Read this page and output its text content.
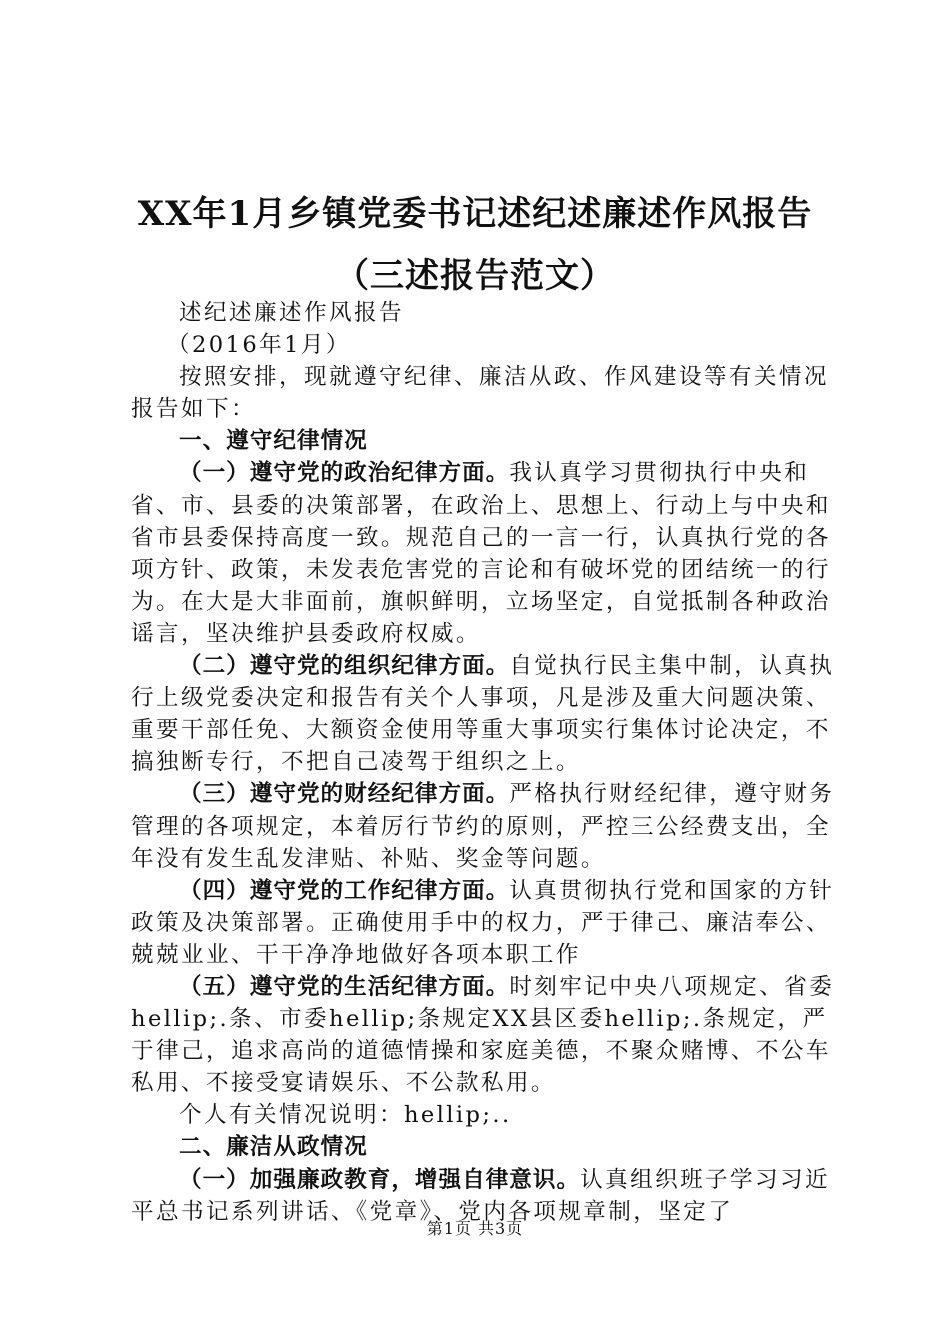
XX年1月乡镇党委书记述纪述廉述作风报告
（三述报告范文）

述纪述廉述作风报告

（2016年1月）

按照安排，现就遵守纪律、廉洁从政、作风建设等有关情况报告如下：

一、遵守纪律情况

（一）遵守党的政治纪律方面。我认真学习贯彻执行中央和省、市、县委的决策部署，在政治上、思想上、行动上与中央和省市县委保持高度一致。规范自己的一言一行，认真执行党的各项方针、政策，未发表危害党的言论和有破坏党的团结统一的行为。在大是大非面前，旗帜鲜明，立场坚定，自觉抵制各种政治谣言，坚决维护县委政府权威。

（二）遵守党的组织纪律方面。自觉执行民主集中制，认真执行上级党委决定和报告有关个人事项，凡是涉及重大问题决策、重要干部任免、大额资金使用等重大事项实行集体讨论决定，不搞独断专行，不把自己凌驾于组织之上。

（三）遵守党的财经纪律方面。严格执行财经纪律，遵守财务管理的各项规定，本着厉行节约的原则，严控三公经费支出，全年没有发生乱发津贴、补贴、奖金等问题。

（四）遵守党的工作纪律方面。认真贯彻执行党和国家的方针政策及决策部署。正确使用手中的权力，严于律己、廉洁奉公、兢兢业业、干干净净地做好各项本职工作

（五）遵守党的生活纪律方面。时刻牢记中央八项规定、省委hellip;.条、市委hellip;条规定XX县区委hellip;.条规定，严于律己，追求高尚的道德情操和家庭美德，不聚众赌博、不公车私用、不接受宴请娱乐、不公款私用。

个人有关情况说明：hellip;..

二、廉洁从政情况

（一）加强廉政教育，增强自律意识。认真组织班子学习习近平总书记系列讲话、《党章》、党内各项规章制，坚定了

第1页 共3页
